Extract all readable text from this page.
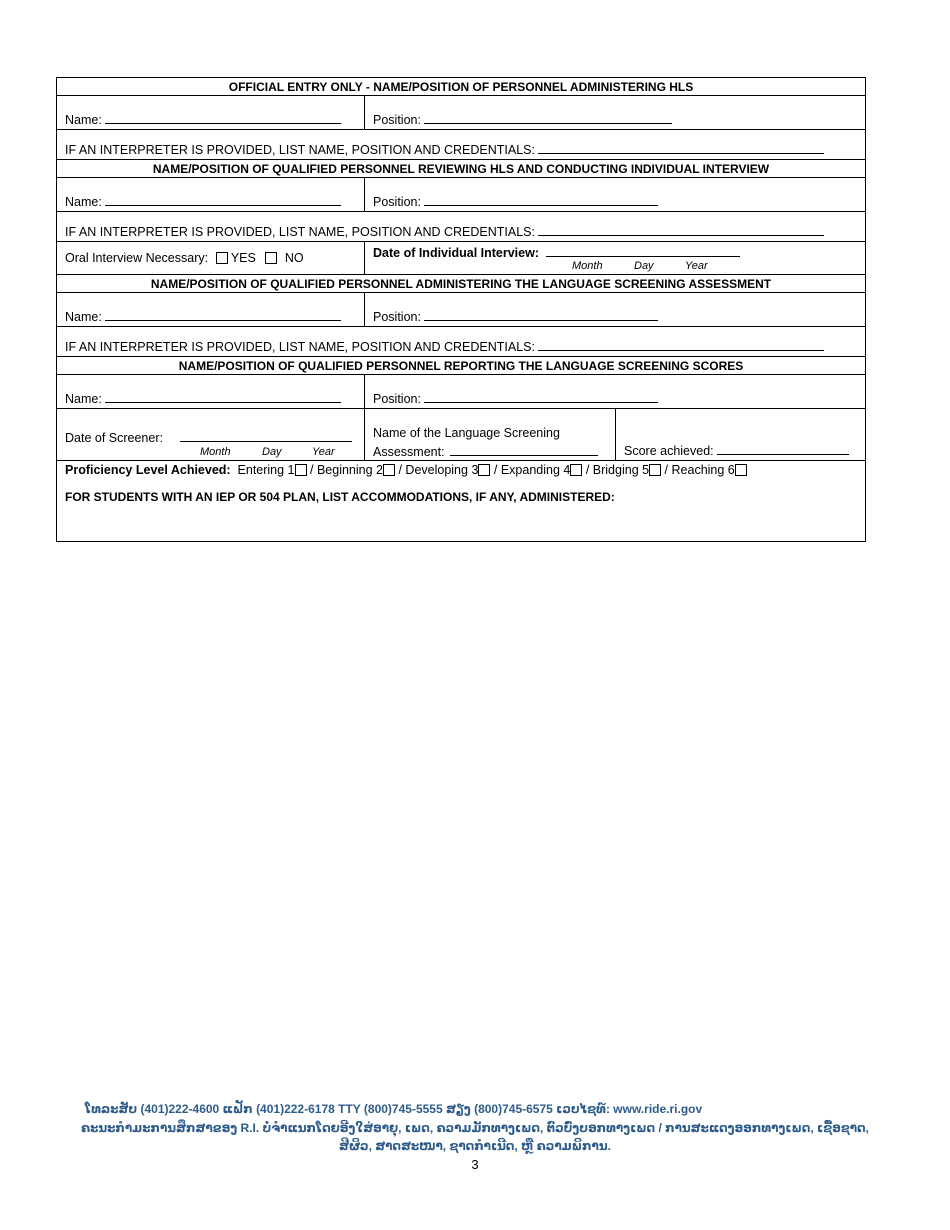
OFFICIAL ENTRY ONLY - NAME/POSITION OF PERSONNEL ADMINISTERING HLS
Name:	Position:
IF AN INTERPRETER IS PROVIDED, LIST NAME, POSITION AND CREDENTIALS:
NAME/POSITION OF QUALIFIED PERSONNEL REVIEWING HLS AND CONDUCTING INDIVIDUAL INTERVIEW
Name:	Position:
IF AN INTERPRETER IS PROVIDED, LIST NAME, POSITION AND CREDENTIALS:
Oral Interview Necessary: YES NO	Date of Individual Interview:
Month	Day	Year
NAME/POSITION OF QUALIFIED PERSONNEL ADMINISTERING THE LANGUAGE SCREENING ASSESSMENT
Name:	Position:
IF AN INTERPRETER IS PROVIDED, LIST NAME, POSITION AND CREDENTIALS:
NAME/POSITION OF QUALIFIED PERSONNEL REPORTING THE LANGUAGE SCREENING SCORES
Name:	Position:
Date of Screener:
Month	Day	Year
Name of the Language Screening
Assessment:	Score achieved:
Proficiency Level Achieved: Entering 1 / Beginning 2 / Developing 3 / Expanding 4 / Bridging 5 / Reaching 6
FOR STUDENTS WITH AN IEP OR 504 PLAN, LIST ACCOMMODATIONS, IF ANY, ADMINISTERED:
ໂທລະສັບ (401)222-4600 ແຟັກ (401)222-6178 TTY (800)745-5555 ສຽງ (800)745-6575 ເວບໄຊທ໌: www.ride.ri.gov
ຄະນະກຳມະການສຶກສາຂອງ R.I. ບໍ່ຈຳແນກໂດຍອີງໃສ່ອາຍຸ, ເພດ, ຄວາມມັກທາງເພດ, ຕົວບົ່ງບອກທາງເພດ / ການສະແດງອອກທາງເພດ, ເຊື້ອຊາດ,
ສີຜິວ, ສາດສະໜາ, ຊາດກຳເນີດ, ຫຼື ຄວາມພິການ.
3
